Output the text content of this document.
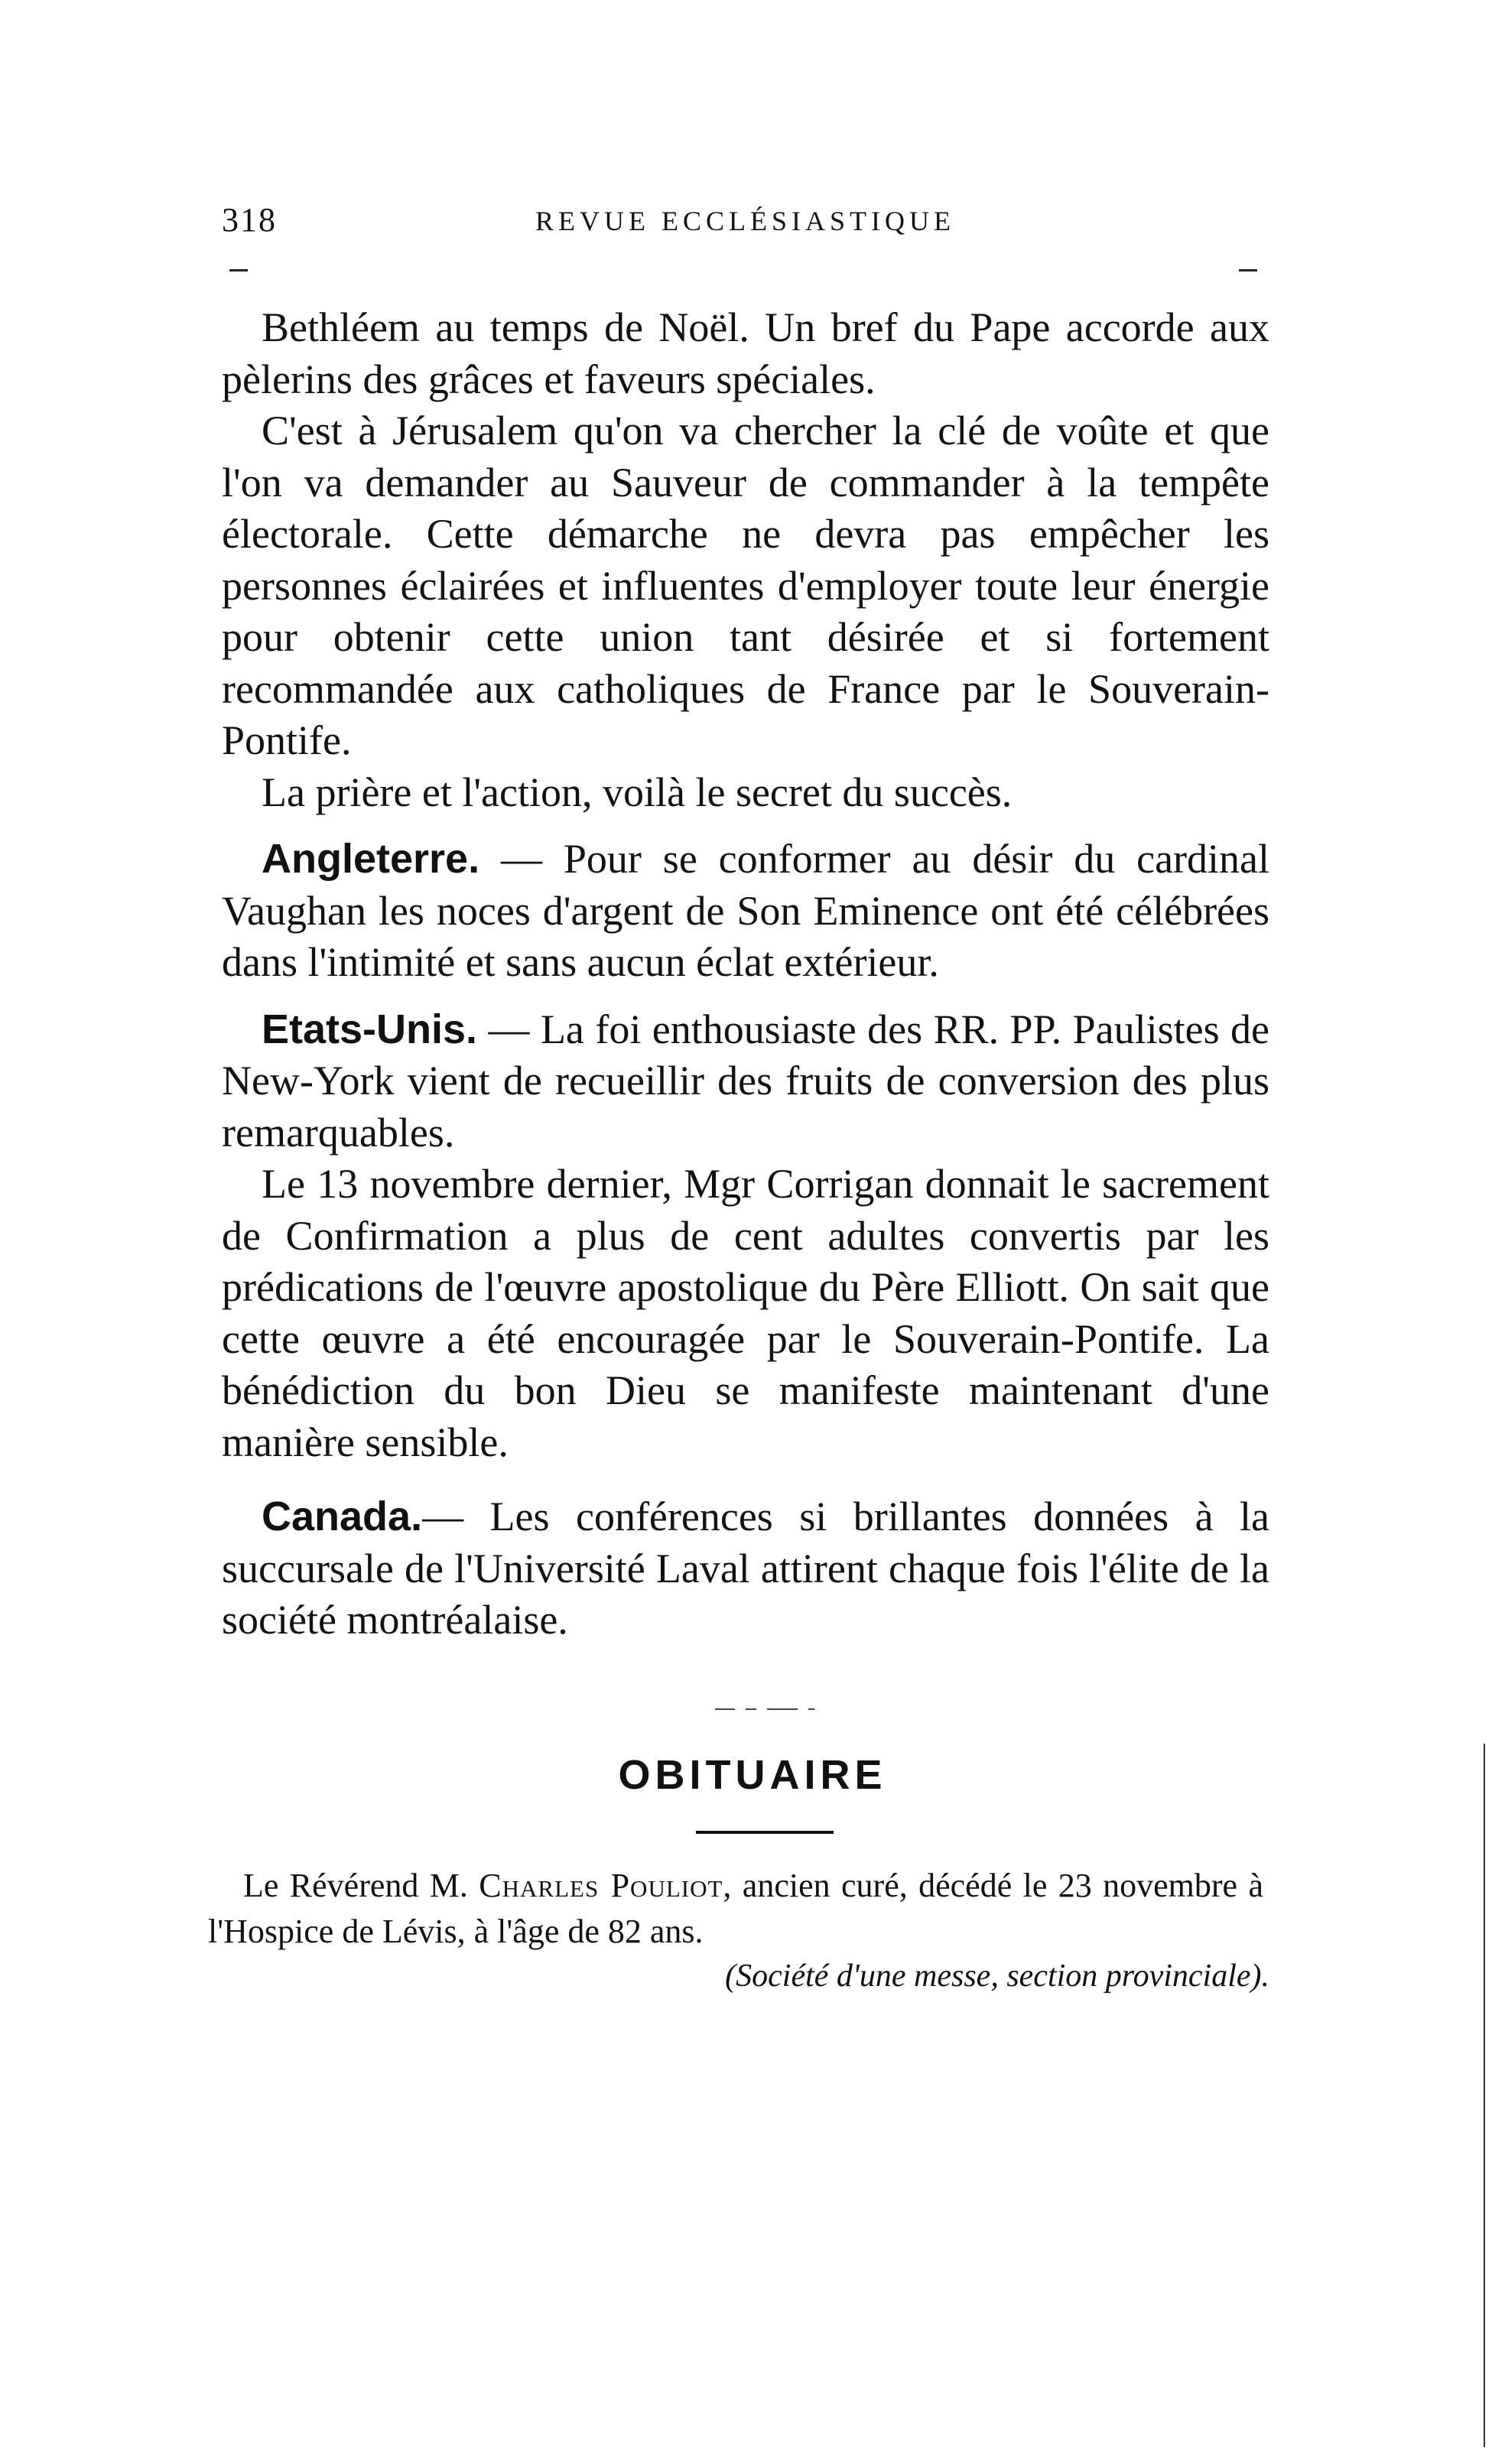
318	REVUE ECCLÉSIASTIQUE

Bethléem au temps de Noël. Un bref du Pape accorde aux pèlerins des grâces et faveurs spéciales.

C'est à Jérusalem qu'on va chercher la clé de voûte et que l'on va demander au Sauveur de commander à la tempête électorale. Cette démarche ne devra pas empêcher les personnes éclairées et influentes d'employer toute leur énergie pour obtenir cette union tant désirée et si fortement recommandée aux catholiques de France par le Souverain-Pontife.

La prière et l'action, voilà le secret du succès.

Angleterre. — Pour se conformer au désir du cardinal Vaughan les noces d'argent de Son Eminence ont été célébrées dans l'intimité et sans aucun éclat extérieur.

Etats-Unis. — La foi enthousiaste des RR. PP. Paulistes de New-York vient de recueillir des fruits de conversion des plus remarquables.

Le 13 novembre dernier, Mgr Corrigan donnait le sacrement de Confirmation a plus de cent adultes convertis par les prédications de l'œuvre apostolique du Père Elliott. On sait que cette œuvre a été encouragée par le Souverain-Pontife. La bénédiction du bon Dieu se manifeste maintenant d'une manière sensible.

Canada.— Les conférences si brillantes données à la succursale de l'Université Laval attirent chaque fois l'élite de la société montréalaise.

OBITUAIRE

Le Révérend M. Charles Pouliot, ancien curé, décédé le 23 novembre à l'Hospice de Lévis, à l'âge de 82 ans.

(Société d'une messe, section provinciale).
